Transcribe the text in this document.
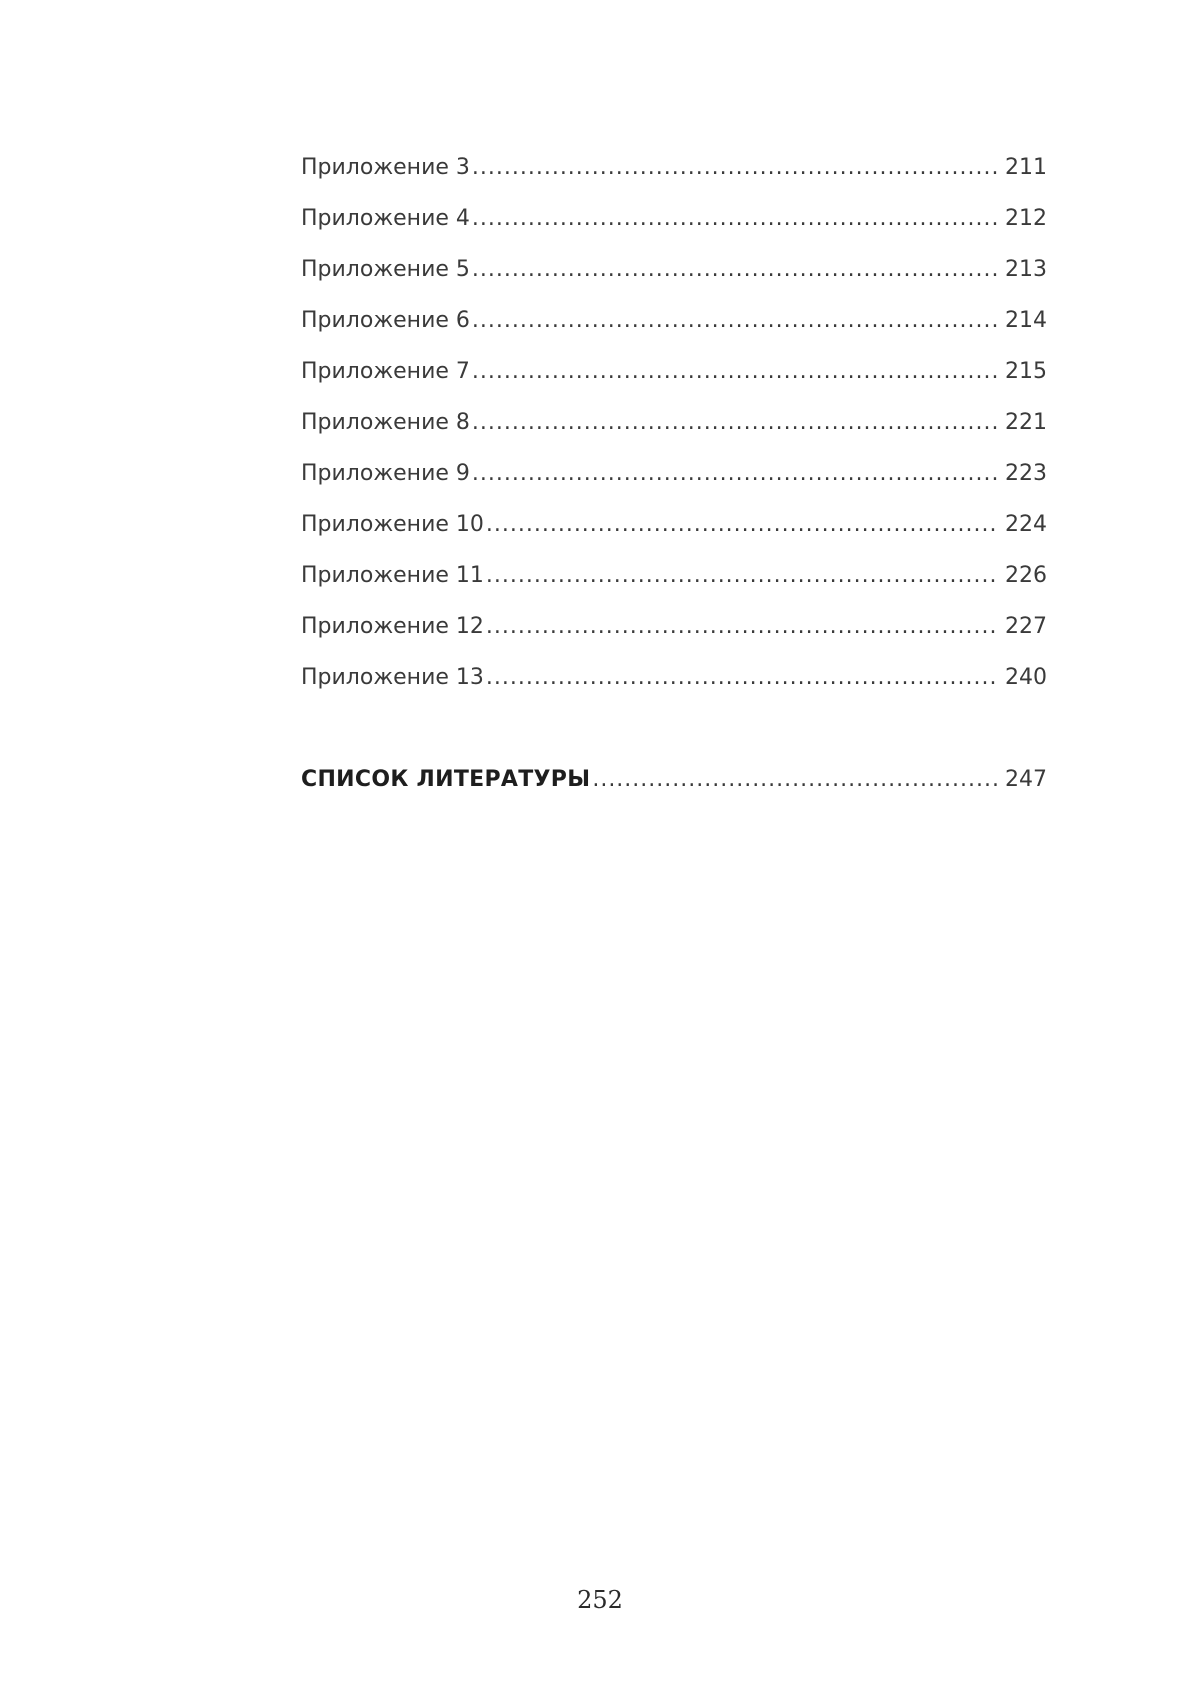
Приложение 3 .....	211
Приложение 4 .....	212
Приложение 5 .....	213
Приложение 6 .....	214
Приложение 7 .....	215
Приложение 8 .....	221
Приложение 9 .....	223
Приложение 10 .....	224
Приложение 11 .....	226
Приложение 12 .....	227
Приложение 13 .....	240
СПИСОК ЛИТЕРАТУРЫ .....	247
252
